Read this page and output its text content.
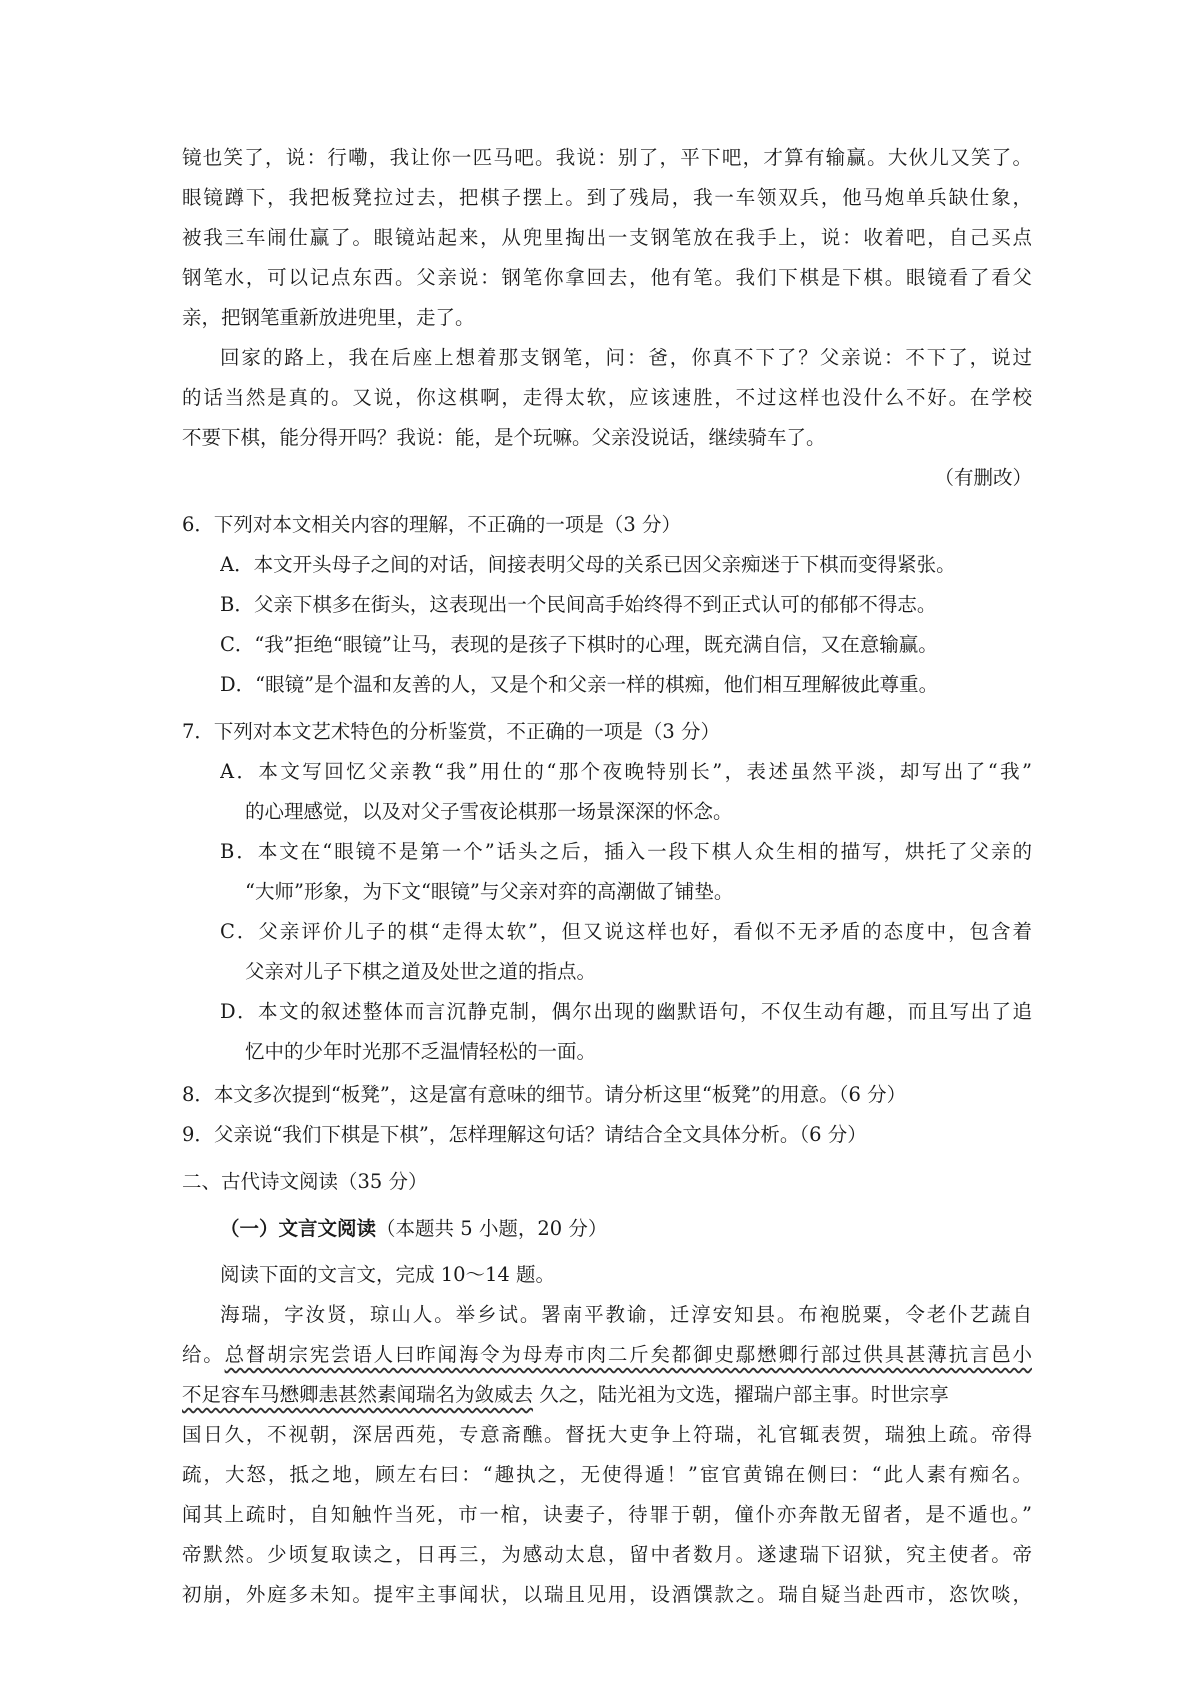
镜也笑了，说：行嘞，我让你一匹马吧。我说：别了，平下吧，才算有输赢。大伙儿又笑了。
眼镜蹲下，我把板凳拉过去，把棋子摆上。到了残局，我一车领双兵，他马炮单兵缺仕象，
被我三车闹仕赢了。眼镜站起来，从兜里掏出一支钢笔放在我手上，说：收着吧，自己买点
钢笔水，可以记点东西。父亲说：钢笔你拿回去，他有笔。我们下棋是下棋。眼镜看了看父
亲，把钢笔重新放进兜里，走了。
回家的路上，我在后座上想着那支钢笔，问：爸，你真不下了？父亲说：不下了，说过
的话当然是真的。又说，你这棋啊，走得太软，应该速胜，不过这样也没什么不好。在学校
不要下棋，能分得开吗？我说：能，是个玩嘛。父亲没说话，继续骑车了。
（有删改）
6．下列对本文相关内容的理解，不正确的一项是（3 分）
A．本文开头母子之间的对话，间接表明父母的关系已因父亲痴迷于下棋而变得紧张。
B．父亲下棋多在街头，这表现出一个民间高手始终得不到正式认可的郁郁不得志。
C．“我”拒绝“眼镜”让马，表现的是孩子下棋时的心理，既充满自信，又在意输赢。
D．“眼镜”是个温和友善的人，又是个和父亲一样的棋痴，他们相互理解彼此尊重。
7．下列对本文艺术特色的分析鉴赏，不正确的一项是（3 分）
A．本文写回忆父亲教“我”用仕的“那个夜晚特别长”，表述虽然平淡，却写出了“我”
的心理感觉，以及对父子雪夜论棋那一场景深深的怀念。
B．本文在“眼镜不是第一个”话头之后，插入一段下棋人众生相的描写，烘托了父亲的
“大师”形象，为下文“眼镜”与父亲对弈的高潮做了铺垫。
C．父亲评价儿子的棋“走得太软”，但又说这样也好，看似不无矛盾的态度中，包含着
父亲对儿子下棋之道及处世之道的指点。
D．本文的叙述整体而言沉静克制，偶尔出现的幽默语句，不仅生动有趣，而且写出了追
忆中的少年时光那不乏温情轻松的一面。
8．本文多次提到“板凳”，这是富有意味的细节。请分析这里“板凳”的用意。（6 分）
9．父亲说“我们下棋是下棋”，怎样理解这句话？请结合全文具体分析。（6 分）
二、古代诗文阅读（35 分）
（一）文言文阅读（本题共 5 小题，20 分）
阅读下面的文言文，完成 10～14 题。
海瑞，字汝贤，琼山人。举乡试。署南平教谕，迁淳安知县。布袍脱粟，令老仆艺蔬自
给。总督胡宗宪尝语人曰昨闻海令为母寿市肉二斤矣都御史鄢懋卿行部过供具甚薄抗言邑小
不足容车马懋卿恚甚然素闻瑞名为敛威去 久之，陆光祖为文选，擢瑞户部主事。时世宗享
国日久，不视朝，深居西苑，专意斋醮。督抚大吏争上符瑞，礼官辄表贺，瑞独上疏。帝得
疏，大怒，抵之地，顾左右曰：“趣执之，无使得遁！”宦官黄锦在侧曰：“此人素有痴名。
闻其上疏时，自知触忤当死，市一棺，诀妻子，待罪于朝，僮仆亦奔散无留者，是不遁也。”
帝默然。少顷复取读之，日再三，为感动太息，留中者数月。遂逮瑞下诏狱，究主使者。帝
初崩，外庭多未知。提牢主事闻状，以瑞且见用，设酒馔款之。瑞自疑当赴西市，恣饮啖，
